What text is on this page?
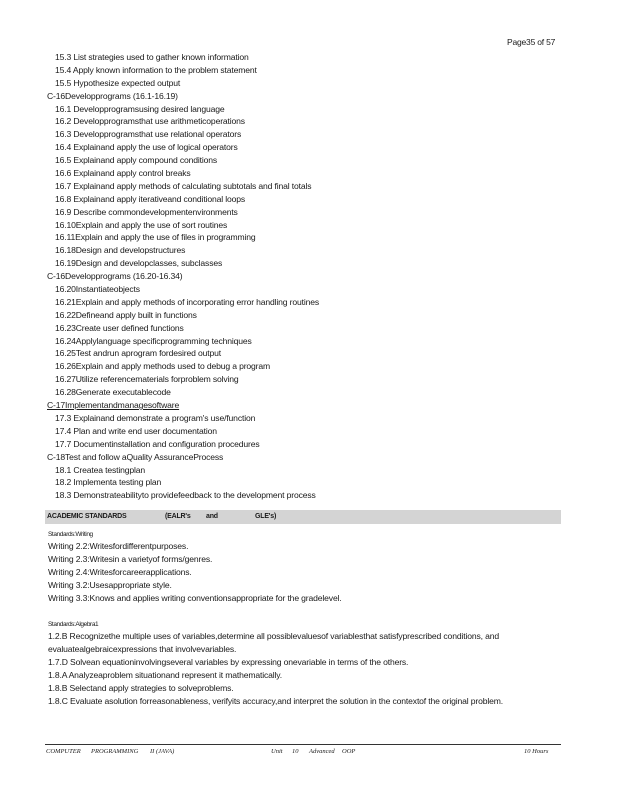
Page35 of 57
15.3 List strategies used to gather known information
15.4 Apply known information to the problem statement
15.5 Hypothesize expected output
C-16Developprograms (16.1-16.19)
16.1 Developprogramsusing desired language
16.2 Developprogramsthat use arithmeticoperations
16.3 Developprogramsthat use relational operators
16.4 Explainand apply the use of logical operators
16.5 Explainand apply compound conditions
16.6 Explainand apply control breaks
16.7 Explainand apply methods of calculating subtotals and final totals
16.8 Explainand apply iterativeand conditional loops
16.9 Describe commondevelopmentenvironments
16.10Explain and apply the use of sort routines
16.11Explain and apply the use of files in programming
16.18Design and developstructures
16.19Design and developclasses, subclasses
C-16Developprograms (16.20-16.34)
16.20Instantiateobjects
16.21Explain and apply methods of incorporating error handling routines
16.22Defineand apply built in functions
16.23Create user defined functions
16.24Applylanguage specificprogramming techniques
16.25Test andrun aprogram fordesired output
16.26Explain and apply methods used to debug a program
16.27Utilize referencematerials forproblem solving
16.28Generate executablecode
C-17Implementandmanagesoftware
17.3 Explainand demonstrate a program's use/function
17.4 Plan and write end user documentation
17.7 Documentinstallation and configuration procedures
C-18Test and follow aQuality AssuranceProcess
18.1 Createa testingplan
18.2 Implementa testing plan
18.3 Demonstrateabilityto providefeedback to the development process
ACADEMIC STANDARDS	(EALR's and	GLE's)
Standards:Writing
Writing 2.2:Writesfordifferentpurposes.
Writing 2.3:Writesin a varietyof forms/genres.
Writing 2.4:Writesforcareerapplications.
Writing 3.2:Usesappropriate style.
Writing 3.3:Knows and applies writing conventionsappropriate for the gradelevel.
Standards:Algebra1
1.2.B Recognizethe multiple uses of variables,determine all possiblevaluesof variablesthat satisfyprescribed conditions, and evaluatealgebraicexpressions that involvevariables.
1.7.D Solvean equationinvolvingseveral variables by expressing onevariable in terms of the others.
1.8.A Analyzeaproblem situationand represent it mathematically.
1.8.B Selectand apply strategies to solveproblems.
1.8.C Evaluate asolution forreasonableness, verifyits accuracy,and interpret the solution in the contextof the original problem.
COMPUTER PROGRAMMING II (JAVA)	Unit 10 Advanced OOP	10 Hours
